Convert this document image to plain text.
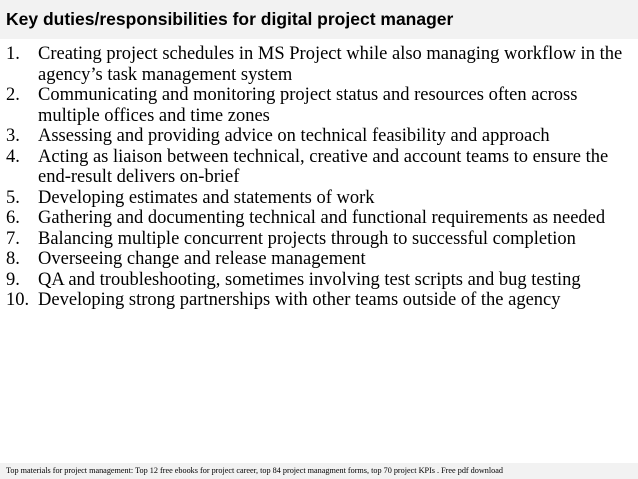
Key duties/responsibilities for digital project manager
1. Creating project schedules in MS Project while also managing workflow in the agency’s task management system
2. Communicating and monitoring project status and resources often across multiple offices and time zones
3. Assessing and providing advice on technical feasibility and approach
4. Acting as liaison between technical, creative and account teams to ensure the end-result delivers on-brief
5. Developing estimates and statements of work
6. Gathering and documenting technical and functional requirements as needed
7. Balancing multiple concurrent projects through to successful completion
8. Overseeing change and release management
9. QA and troubleshooting, sometimes involving test scripts and bug testing
10. Developing strong partnerships with other teams outside of the agency
Top materials for project management: Top 12 free ebooks for project career, top 84 project managment forms, top 70 project KPIs . Free pdf download
